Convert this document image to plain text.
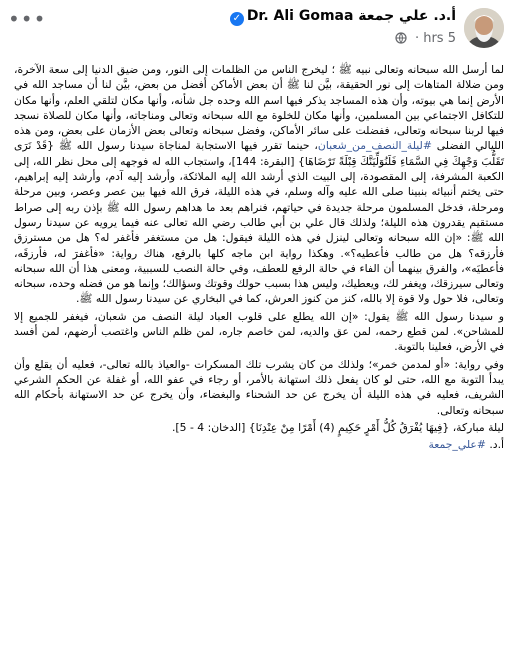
•••	أ.د. علي جمعة Dr. Ali Gomaa✓
5 hrs ·

لما أرسل الله سبحانه وتعالى نبيه ﷺ ؛ ليخرج الناس من الظلمات إلى النور، ومن ضيق الدنيا إلى سعة الآخرة، ومن ضلالة المتاهات إلى نور الحقيقة، بيَّن لنا ﷺ أن بعض الأماكن أفضل من بعض، بيَّن لنا أن مساجد الله في الأرض إنما هي بيوته، وأن هذه المساجد يذكر فيها اسم الله وحده جل شأنه، وأنها مكان لتلقي العلم، وأنها مكان للتكافل الاجتماعي بين المسلمين، وأنها مكان للخلوة مع الله سبحانه وتعالى ومناجاته، وأنها مكان للصلاة نسجد فيها لربنا سبحانه وتعالى، ففضلت على سائر الأماكن، وفضل سبحانه وتعالى بعض الأزمان على بعض، ومن هذه الليالي الفضلى #ليلة_النصف_من_شعبان، حينما تقرر فيها الاستجابة لمناجاة سيدنا رسول الله ﷺ {قَدْ نَرَى تَقَلُّبَ وَجْهِكَ فِي السَّمَاءِ فَلَنُوَلِّيَنَّكَ قِبْلَةً تَرْضَاهَا} [البقرة: 144]، واستجاب الله له فوجهه إلى محل نظر الله، إلى الكعبة المشرفة، إلى المقصودة، إلى البيت الذي أرشد الله إليه الملائكة، وأرشد إليه آدم، وأرشد إليه إبراهيم، حتى يختم أنبيائه بنبينا صلى الله عليه وآله وسلم، في هذه الليلة، فرق الله فيها بين عصر وعصر، وبين مرحلة ومرحلة، فدخل المسلمون مرحلة جديدة في حياتهم، فنراهم بعد ما هداهم رسول الله ﷺ بإذن ربه إلى صراط مستقيم يقدرون هذه الليلة؛ ولذلك قال علي بن أبي طالب رضي الله تعالى عنه فيما يرويه عن سيدنا رسول الله ﷺ: «إن الله سبحانه وتعالى لينزل في هذه الليلة فيقول: هل من مستغفر فأغفر له؟ هل من مسترزق فأرزقه؟ هل من طالب فأعطيه؟». وهكذا رواية ابن ماجه كلها بالرفع، هناك رواية: «فأغفرَ له، فأرزقَه، فأعطيَه»، والفرق بينهما أن الفاء في حالة الرفع للعطف، وفي حالة النصب للسببية، ومعنى هذا أن الله سبحانه وتعالى سيرزقك، ويغفر لك، ويعطيك، وليس هذا بسبب حولك وقوتك وسؤالك؛ وإنما هو من فضله وحده، سبحانه وتعالى، فلا حول ولا قوة إلا بالله، كنز من كنوز العرش، كما في البخاري عن سيدنا رسول الله ﷺ.

و سيدنا رسول الله ﷺ يقول: «إن الله يطلع على قلوب العباد ليلة النصف من شعبان، فيغفر للجميع إلا للمشاحن». لمن قطع رحمه، لمن عق والديه، لمن خاصم جاره، لمن ظلم الناس واغتصب أرضهم، لمن أفسد في الأرض، فعلينا بالتوبة.

وفي رواية: «أو لمدمن خمر»؛ ولذلك من كان يشرب تلك المسكرات -والعياذ بالله تعالى-، فعليه أن يقلع وأن يبدأ التوبة مع الله، حتى لو كان يفعل ذلك استهانة بالأمر، أو رجاء في عفو الله، أو غفلة عن الحكم الشرعي الشريف، فعليه في هذه الليلة أن يخرج عن حد الشحناء والبغضاء، وأن يخرج عن حد الاستهانة بأحكام الله سبحانه وتعالى.

ليلة مباركة، {فِيهَا يُفْرَقُ كُلُّ أَمْرٍ حَكِيمٍ (4) أَمْرًا مِنْ عِنْدِنَا} [الدخان: 4 - 5].

أ.د. #علي_جمعة
